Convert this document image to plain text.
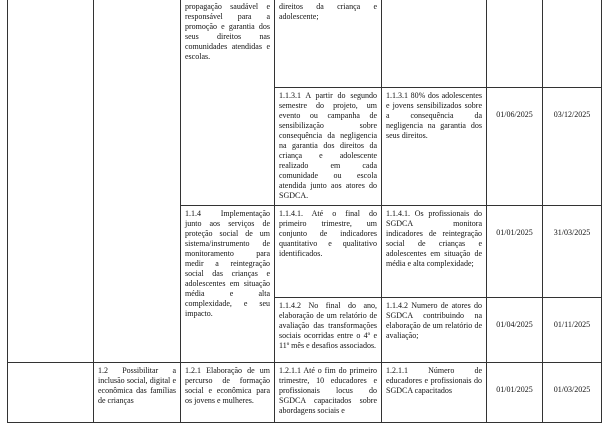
		propagação saudável e responsável para a promoção e garantia dos seus direitos nas comunidades atendidas e escolas.	direitos da criança e adolescente;			
			1.1.3.1 A partir do segundo semestre do projeto, um evento ou campanha de sensibilização sobre consequência da negligencia na garantia dos direitos da criança e adolescente realizado em cada comunidade ou escola atendida junto aos atores do SGDCA.	1.1.3.1 80% dos adolescentes e jovens sensibilizados sobre a consequência da negligencia na garantia dos seus direitos.	01/06/2025	03/12/2025
		1.1.4 Implementação junto aos serviços de proteção social de um sistema/instrumento de monitoramento para medir a reintegração social das crianças e adolescentes em situação média e alta complexidade, e seu impacto.	1.1.4.1. Até o final do primeiro trimestre, um conjunto de indicadores quantitativo e qualitativo identificados.	1.1.4.1. Os profissionais do SGDCA monitora indicadores de reintegração social de crianças e adolescentes em situação de média e alta complexidade;	01/01/2025	31/03/2025
			1.1.4.2 No final do ano, elaboração de um relatório de avaliação das transformações sociais ocorridas entre o 4º e 11º mês e desafios associados.	1.1.4.2 Numero de atores do SGDCA contribuindo na elaboração de um relatório de avaliação;	01/04/2025	01/11/2025
	1.2 Possibilitar a inclusão social, digital e econômica das famílias de crianças	1.2.1 Elaboração de um percurso de formação social e econômica para os jovens e mulheres.	1.2.1.1 Até o fim do primeiro trimestre, 10 educadores e profissionais locus do SGDCA capacitados sobre abordagens sociais e	1.2.1.1 Número de educadores e profissionais do SGDCA capacitados	01/01/2025	01/03/2025
